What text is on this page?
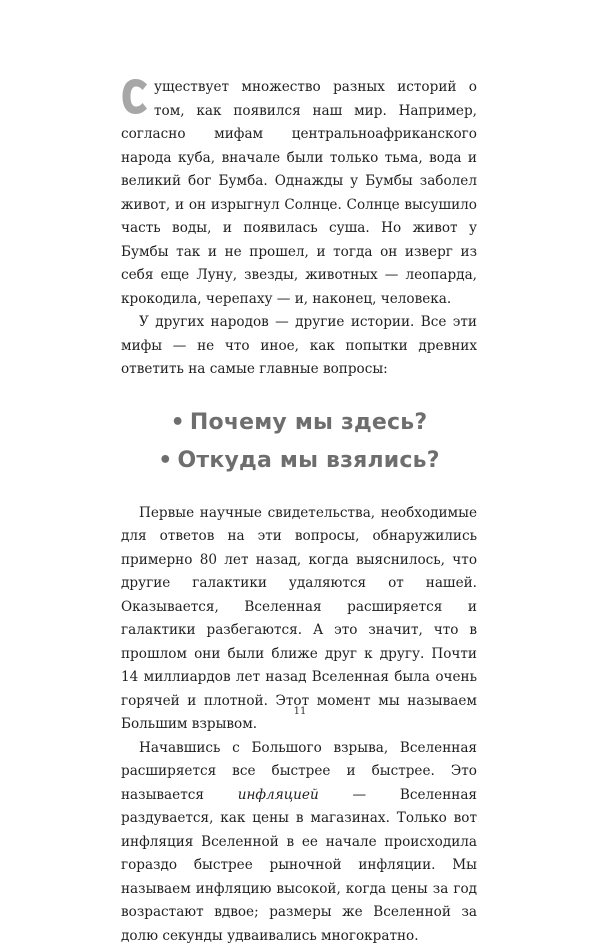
уществует множество разных историй о том, как появился наш мир. Например, согласно мифам центральноафриканского народа куба, вначале были только тьма, вода и великий бог Бумба. Однажды у Бумбы заболел живот, и он изрыгнул Солнце. Солнце высушило часть воды, и появилась суша. Но живот у Бумбы так и не прошел, и тогда он изверг из себя еще Луну, звезды, животных — леопарда, крокодила, черепаху — и, наконец, человека.

У других народов — другие истории. Все эти мифы — не что иное, как попытки древних ответить на самые главные вопросы:

• Почему мы здесь?
• Откуда мы взялись?

Первые научные свидетельства, необходимые для ответов на эти вопросы, обнаружились примерно 80 лет назад, когда выяснилось, что другие галактики удаляются от нашей. Оказывается, Вселенная расширяется и галактики разбегаются. А это значит, что в прошлом они были ближе друг к другу. Почти 14 миллиардов лет назад Вселенная была очень горячей и плотной. Этот момент мы называем Большим взрывом.

Начавшись с Большого взрыва, Вселенная расширяется все быстрее и быстрее. Это называется инфляцией — Вселенная раздувается, как цены в магазинах. Только вот инфляция Вселенной в ее начале происходила гораздо быстрее рыночной инфляции. Мы называем инфляцию высокой, когда цены за год возрастают вдвое; размеры же Вселенной за долю секунды удваивались многократно.

11
